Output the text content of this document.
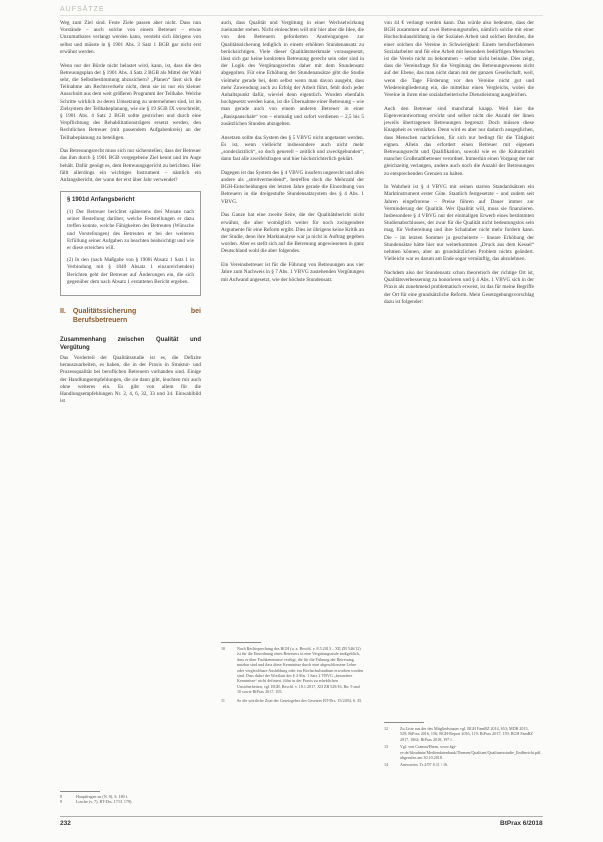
AUFSÄTZE

Weg zum Ziel sind. Feste Ziele passen aber nicht. Dass nun Vorstände – auch solche von einem Betreuer – etwas Unzumutbares verlangt werden kann, versteht sich übrigens von selbst und müsste in § 1901 Abs. 3 Satz 1 BGB gar nicht erst erwähnt werden.

Wenn nur der Bürde nicht belastet wird, kann, ist, dass die den Betreuungsplan der § 1901 Abs. 4 Satz 2 BGB als Mittel der Wahl sehr, die Selbstbestimmung abzusichern? „Planen“ lässt sich die Teilnahme am Rechtsverkehr nicht, denn sie ist nur ein kleiner Ausschnitt aus dem weit größeren Programm der Teilhabe. Welche Schritte wirklich zu deren Umsetzung zu unternehmen sind, ist im Zielsystem der Teilhabeplanung, wie sie § 19 SGB IX vorschreibt, § 1901 Abs. 4 Satz 2 BGB sollte gestrichen und durch eine Verpflichtung des Rehabilitationsträgers ersetzt werden, den Rechtlichen Betreuer (mit passendem Aufgabenkreis) an der Teilhabeplanung zu beteiligen.

Das Betreuungsrecht muss sich nur sicherstellen, dass der Betreuer das ihm durch § 1901 BGB vorgegebene Ziel kennt und im Auge behält. Dafür genügt es, dem Betreuungsgericht zu berichten. Hier fällt allerdings ein wichtiges Instrument – nämlich ein Anfangsbericht, der wann der erst über Jahr verwendet?

§ 1901d Anfangsbericht

(1) Der Betreuer berichtet spätestens drei Monate nach seiner Bestellung darüber, welche Feststellungen er dazu treffen konnte, welche Fähigkeiten des Betreuten (Wünsche und Vorstellungen) des Betreuten er bei der weiteren Erfüllung seiner Aufgaben zu beachten beabsichtigt und wie er diese erreichen will.

(2) In den (nach Maßgabe von § 1908i Absatz 1 Satz 1 in Verbindung mit § 1840 Absatz 1 einzureichenden) Berichten geht der Betreuer auf Änderungen ein, die sich gegenüber dem nach Absatz 1 erstatteten Bericht ergeben.

II. Qualitätssicherung bei Berufsbetreuern
Zusammenhang zwischen Qualität und Vergütung

Das Vorderteil der Qualitätsstudie ist es, die Defizite herauszuarbeiten, es haben, die in der Praxis in Struktur- und Prozessqualität bei beruflichen Betreuern vorhanden sind. Einige der Handlungsempfehlungen, die sie dann gibt, leuchten mir auch ohne weiteres ein. Es gibt von allem für die Handlungsempfehlungen Nr. 2, 4, 6, 32, 33 und 34. Einwahlbild ist

8	Hauptfragen zu (N. 9), S. 180 f.
9	Losche (v. 7), BT-Drs. 17/11 179).

auch, dass Qualität und Vergütung in einer Wechselwirkung zueinander stehen. Nicht einleuchten will mir hier aber die Idee, die von den Betreuern geforderten Anstrengungen zur Qualitätssicherung lediglich in einem erhöhten Stundenansatz zu berücksichtigen. Viele dieser Qualitätsmerkmale vorausgesetzt, lässt sich gar keine konkreten Betreuung gerecht sein oder sind in der Logik des Vergütungsrechts daher mit dem Stundensatz abgegolten. Für eine Erhöhung der Stundenansätze gibt die Studie vielmehr gerade bei, dem selbst wenn man davon ausgeht, dass mehr Zuwendung auch zu Erfolg der Arbeit führt, fehlt doch jeder Anhaltspunkt dafür, wieviel denn eigentlich. Wurden ebenfalls hochgesetzt werden kann, ist die Übernahme einer Betreuung – wie man gerade auch von einem anderen Betreuer in einer „Basispauschale“ von – einmalig und sofort verdienen – 2,5 bis 5 zusätzlichen Stunden abzugelten.

Ansetzen sollte das System des § 5 VBVG nicht angetastet werden. Es ist, wenn vielleicht insbesondere auch nicht mehr „sonderärztlich“, so doch generell – zeitlich und zweckgebunden“, dann fast alle zweifelsfragen und hier höchstrichterlich geklärt.

Dagegen ist das System des § 4 VBVG insofern ungerecht und alles andere als „streitvermeidend“, betreffen doch die Mehrzahl der BGH-Entscheidungen der letzten Jahre gerade die Einordnung von Betreuern in die dreigestufte Stundensatzsystem des § 4 Abs. 1 VBVG.

Das Ganze hat eine zweite Seite, die der Qualitätsbericht nicht erwähnt, die aber womöglich weiter für noch zwingendere Argumente für eine Reform ergibt. Dies ist übrigens keine Kritik an der Studie, denn ihre Marktanalyse war ja nicht in Auftrag gegeben worden. Aber es stellt sich auf die Betreuung angewiesenen in ganz Deutschland wohl die aber folgendes.

Ein Vereinsbetreuer ist für die Führung von Betreuungen aus vier Jahre zum Nachweis in § 7 Abs. 1 VBVG zustehenden Vergütungen mit Aufwand angesetzt, wie der höchste Stundensatz

10	Nach Rechtsprechung des BGH (u. a. Beschl. v. 8.5.2013 – XII ZB 546/12) ist für die Einordnung eines Betreuers in eine Vergütungsstufe maßgeblich, dass er über Fachkenntnisse verfügt, die für die Führung der Betreuung nutzbar sind und dass diese Kenntnisse durch eine abgeschlossene Lehre oder vergleichbare Ausbildung oder ein Hochschulstudium erworben worden sind. Dass dabei der Wortlaut des § 4 Abs. 1 Satz 2 VBVG „besondere Kenntnisse“ nicht definiert, führt in der Praxis zu erheblichen Unsicherheiten, vgl. BGH, Beschl. v. 18.1.2017, XII ZB 529/16, Rn. 9 und 10 sowie BtPrax 2017, 105.
11	So die wörtliche Zitat der Gesetzgeber des Gesetzes BT-Drs. 15/2494, S. 35.

von 44 € verlangt werden kann. Das würde also bedeuten, dass der BGH zusammen auf zwei Betreuungsstufen, nämlich solche mit einer Hochschulausbildung in der Sozialen Arbeit und solchen Berufen, die einer solchen die Vereine in Schwierigkeit: Einem berufserfahrenen Sozialarbeiter und für eine Arbeit mit besonders bedürftigen Menschen ist die Verein nicht zu bekommen – selbst nicht beinahe. Dies zeigt, dass die Vereinsfrage für die Vergütung des Betreuungswesens nicht auf der Ebene, das man nicht daran mit der ganzen Gesellschaft, weil, wenn die Tage Förderung vor den Vereine nicht gut und Wiedereingliederung ein, die mittelbar einen Vergleichs, wobei die Vereine in ihren eine sozialarbeiterische Dienstleistung ausgleichen.

Auch den Betreuer sind manchmal knapp. Weil hier die Eigenverantwortung erwirkt und selber nicht die Anzahl der ihnen jeweils übertragenen Betreuungen begrenzt. Doch müssen diese Knappheit es verstärken. Denn wird es aber nur dadurch ausgeglichen, dass Menschen nachrücken, für sich nur bedingt für die Tätigkeit eignen. Allein das erfordert einen Betreuer mit eigenem Betreuungsrecht und Qualifikation, sowohl wie es die Kulturarbeit mancher Großstadtbetreuer verordnet. Immerhin einen Vorgang der nur gleichzeitig verlangen, andere auch noch die Anzahl der Betreuungen zu entsprechenden Grenzen zu halten.

In Wahrheit ist § 4 VBVG mit seinen starren Standardsätzen ein Marktinstrument erster Güte. Staatlich festgesetzte – und zudem seit Jahren eingefrorene – Preise führen auf Dauer immer zur Verminderung der Qualität. Wer Qualität will, muss sie finanzieren. Insbesondere § 4 VBVG nur der einmaligen Erwerb eines bestimmten Studienabschlusses, der zwar für die Qualität nicht bedeutungslos sein mag, für Vorbereitung und ihre Schaltaber nicht mehr fordern kann. Die – im letzten Sommer ja gescheiterte – lineare Erhöhung der Stundensätze hätte hier nur weiterkommen „Druck aus dem Kessel“ nehmen können, aber an grundsätzlichen Problem nichts geändert. Vielleicht war es darum am Ende sogar vernünftig, das abzulehnen.

Nachdem also der Stundensatz schon theoretisch der richtige Ort ist, Qualitätsverbesserung zu honorieren und § 4 Abs. 1 VBVG sich in der Praxis als zunehmend problematisch erweist, ist das für meine Begriffe der Ort für eine grundsätzliche Reform. Mein Gesetzgebungsvorschlag dazu ist folgender:

12	Zu Liste aus der des Mitgliedstaates vgl. BGH FamRZ 2014, 653; MDR 2015, 529; BtPrax 2016, 156; BGH-Report 2016, 119; BtPrax 2017, 159; BGH FamRZ 2017, 1862; BtPrax 2018, 197 f.
13	Vgl. von Cramm/Harm, www.bgt-ev.de/fileadmin/Mediendatenbank/Themen/Qualitaet/Qualitaetsstudie_Endbericht.pdf, abgerufen am 30.10.2018.
14	Antworten. Ts 2/97 S.11 / 16.
232	BtPrax 6/2018
